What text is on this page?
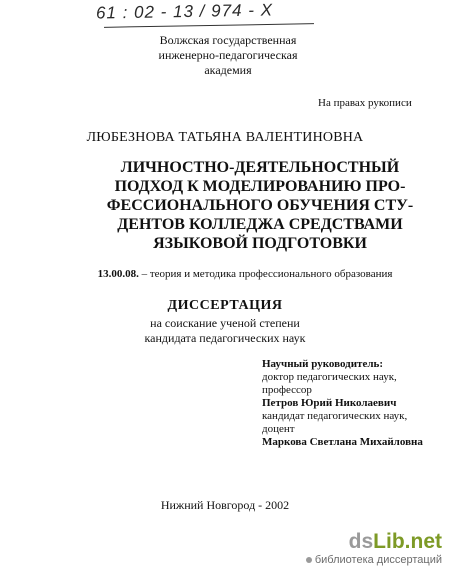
61 : 02 - 13 / 974 - X
Волжская государственная
инженерно-педагогическая академия
На правах рукописи
ЛЮБЕЗНОВА ТАТЬЯНА ВАЛЕНТИНОВНА
ЛИЧНОСТНО-ДЕЯТЕЛЬНОСТНЫЙ
ПОДХОД К МОДЕЛИРОВАНИЮ ПРО-
ФЕССИОНАЛЬНОГО ОБУЧЕНИЯ СТУ-
ДЕНТОВ КОЛЛЕДЖА СРЕДСТВАМИ
ЯЗЫКОВОЙ ПОДГОТОВКИ
13.00.08. – теория и методика профессионального образования
ДИССЕРТАЦИЯ
на соискание ученой степени
кандидата педагогических наук
Научный руководитель:
доктор педагогических наук,
профессор
Петров Юрий Николаевич
кандидат педагогических наук,
доцент
Маркова Светлана Михайловна
Нижний Новгород - 2002
dsLib.net
библиотека диссертаций
